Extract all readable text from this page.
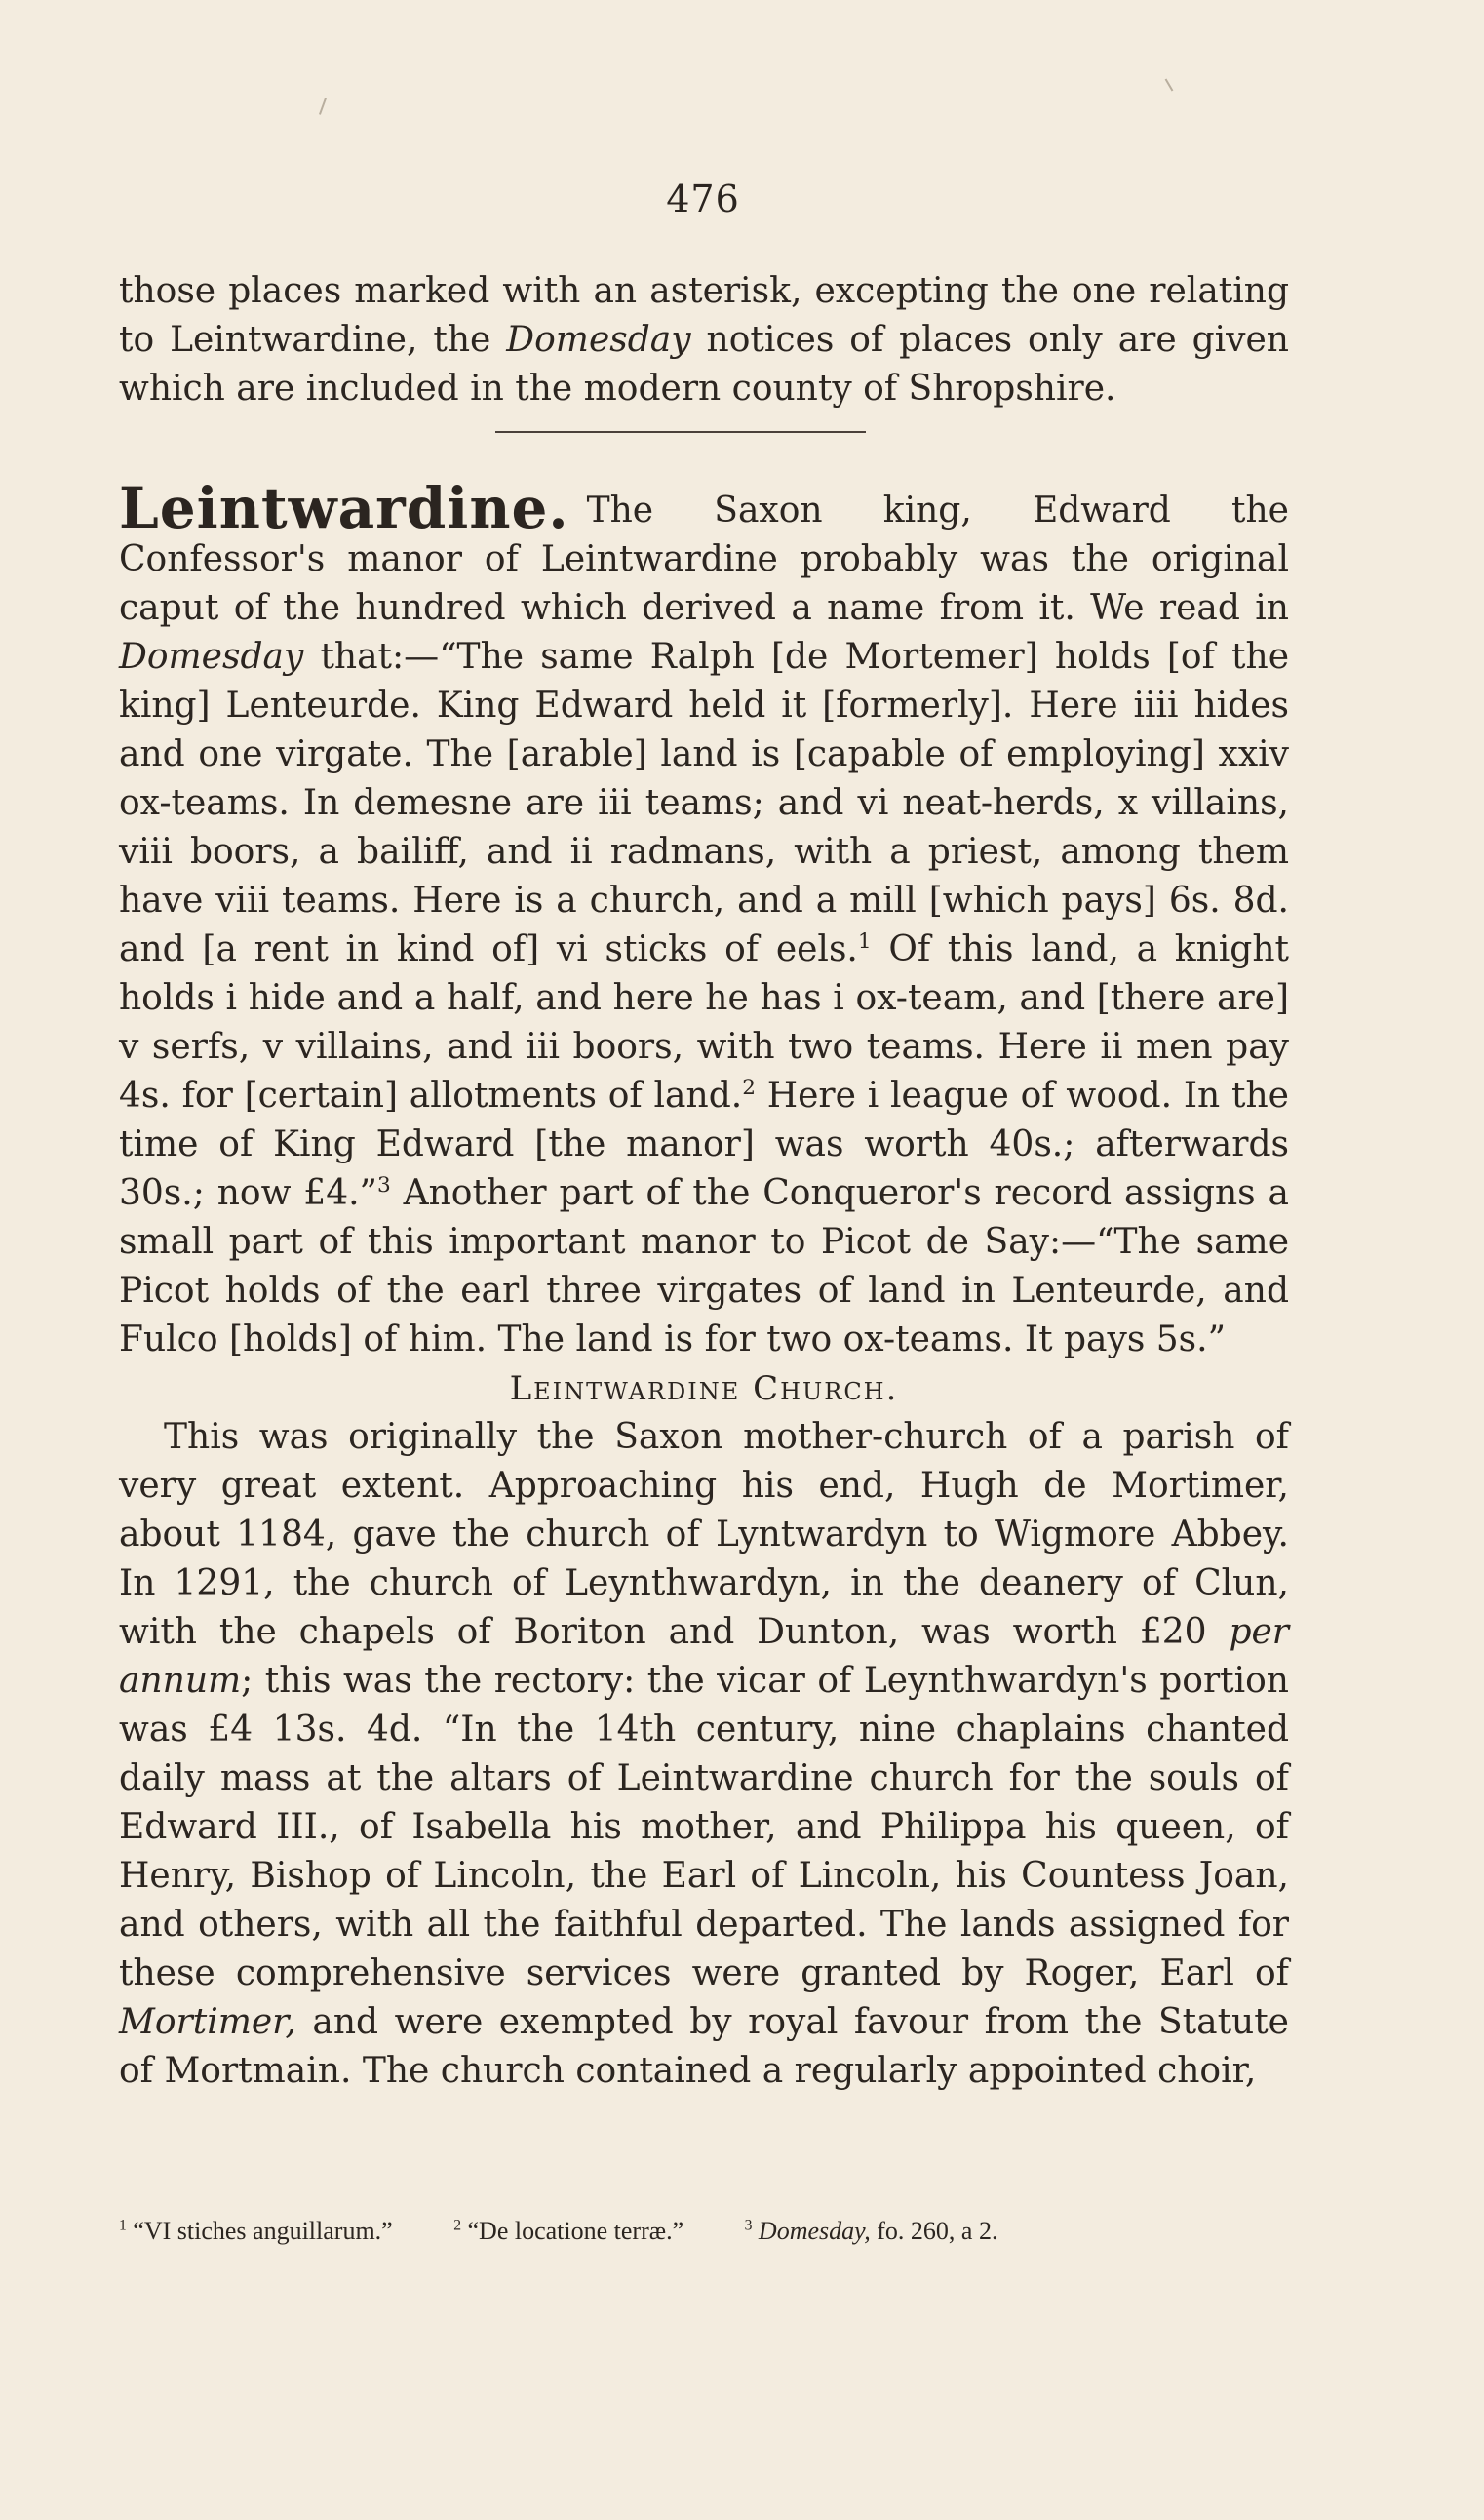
476

those places marked with an asterisk, excepting the one relating to Leintwardine, the Domesday notices of places only are given which are included in the modern county of Shropshire.

Leintwardine. The Saxon king, Edward the Confessor's manor of Leintwardine probably was the original caput of the hundred which derived a name from it. We read in Domesday that:—“The same Ralph [de Mortemer] holds [of the king] Lenteurde. King Edward held it [formerly]. Here iiii hides and one virgate. The [arable] land is [capable of employing] xxiv ox-teams. In demesne are iii teams; and vi neat-herds, x villains, viii boors, a bailiff, and ii radmans, with a priest, among them have viii teams. Here is a church, and a mill [which pays] 6s. 8d. and [a rent in kind of] vi sticks of eels.$^1$ Of this land, a knight holds i hide and a half, and here he has i ox-team, and [there are] v serfs, v villains, and iii boors, with two teams. Here ii men pay 4s. for [certain] allotments of land.$^2$ Here i league of wood. In the time of King Edward [the manor] was worth 40s.; afterwards 30s.; now £4.”$^3$ Another part of the Conqueror's record assigns a small part of this important manor to Picot de Say:—“The same Picot holds of the earl three virgates of land in Lenteurde, and Fulco [holds] of him. The land is for two ox-teams. It pays 5s.”

Leintwardine Church.

This was originally the Saxon mother-church of a parish of very great extent. Approaching his end, Hugh de Mortimer, about 1184, gave the church of Lyntwardyn to Wigmore Abbey. In 1291, the church of Leynthwardyn, in the deanery of Clun, with the chapels of Boriton and Dunton, was worth £20 per annum; this was the rectory: the vicar of Leynthwardyn's portion was £4 13s. 4d. “In the 14th century, nine chaplains chanted daily mass at the altars of Leintwardine church for the souls of Edward III., of Isabella his mother, and Philippa his queen, of Henry, Bishop of Lincoln, the Earl of Lincoln, his Countess Joan, and others, with all the faithful departed. The lands assigned for these comprehensive services were granted by Roger, Earl of Mortimer, and were exempted by royal favour from the Statute of Mortmain. The church contained a regularly appointed choir,

$^1$ “VI stiches anguillarum.”	$^2$ “De locatione terræ.”	$^3$ Domesday, fo. 260, a 2.
